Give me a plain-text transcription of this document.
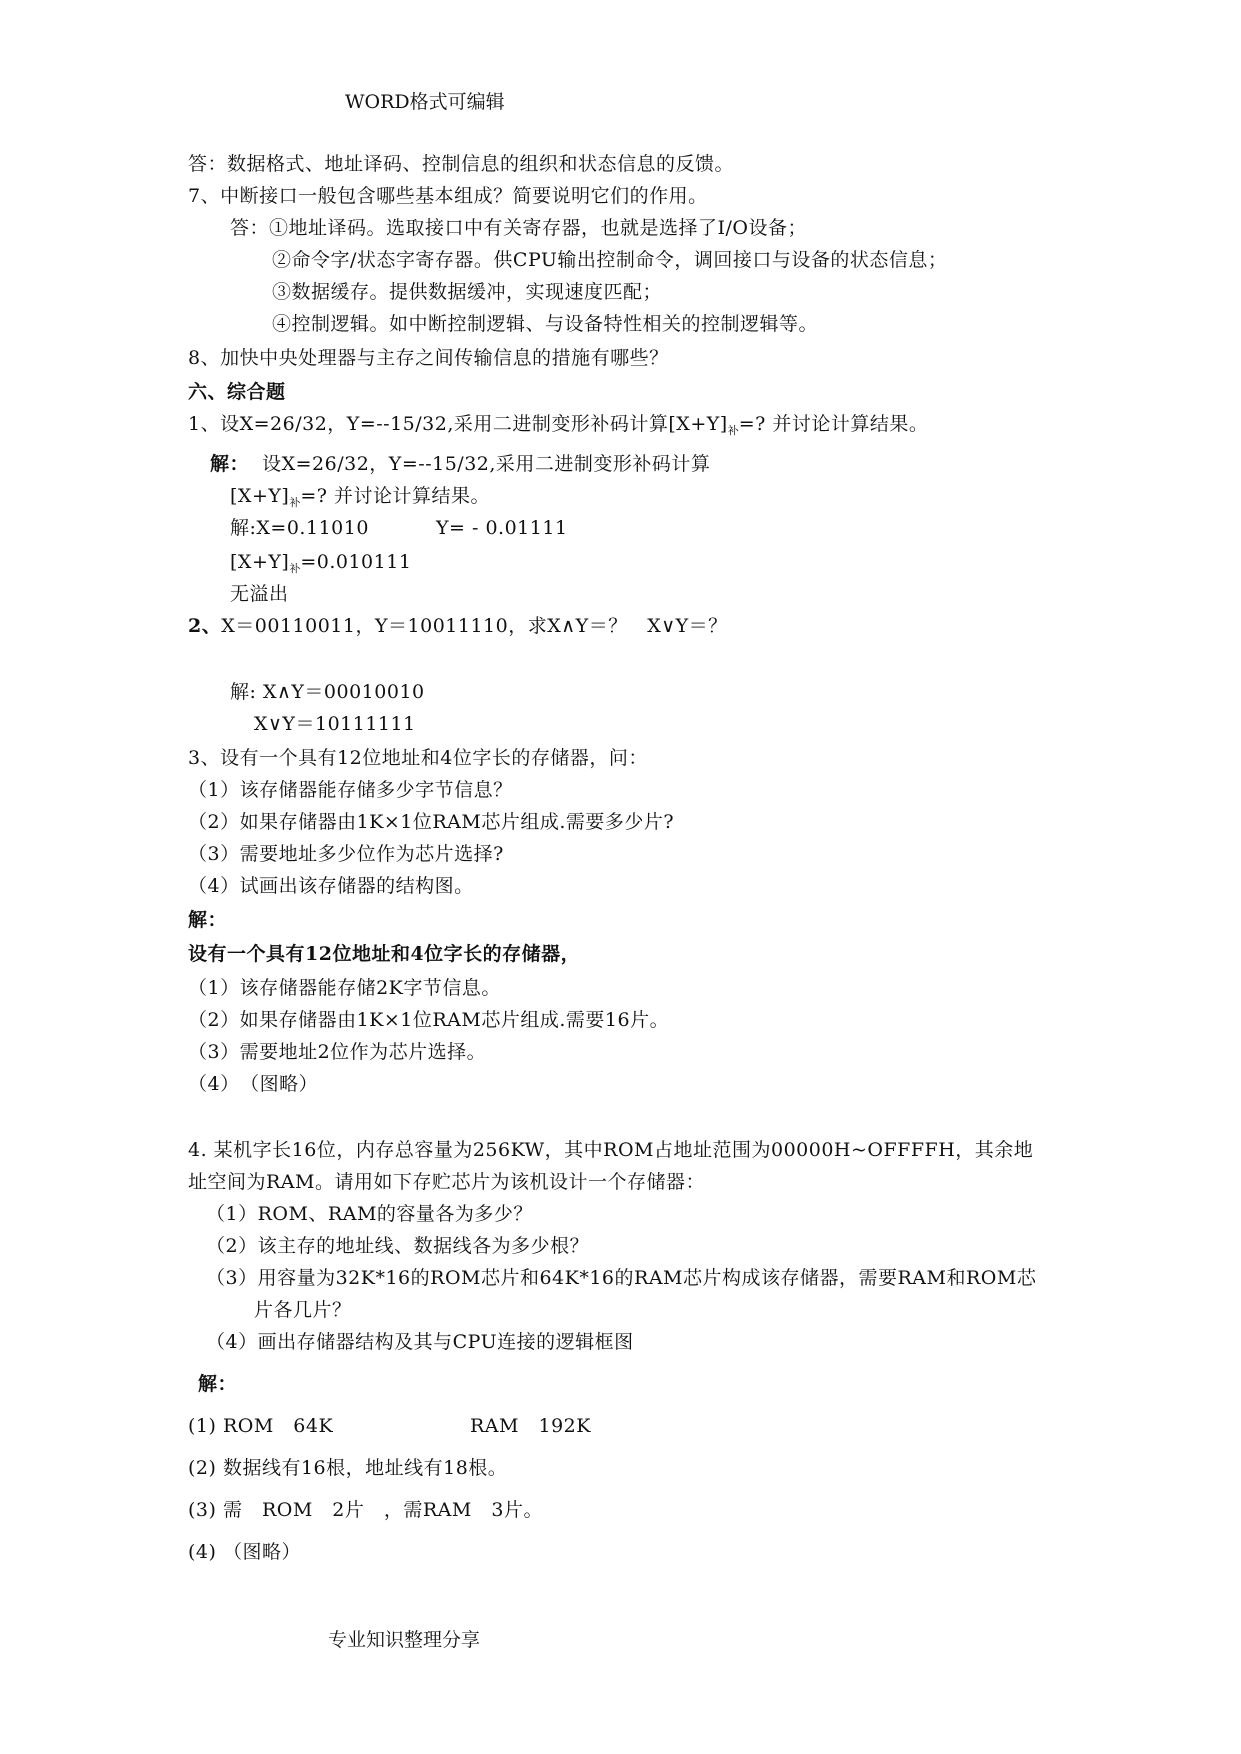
WORD格式可编辑
答：数据格式、地址译码、控制信息的组织和状态信息的反馈。
7、中断接口一般包含哪些基本组成？简要说明它们的作用。
答：①地址译码。选取接口中有关寄存器，也就是选择了I/O设备；
②命令字/状态字寄存器。供CPU输出控制命令，调回接口与设备的状态信息；
③数据缓存。提供数据缓冲，实现速度匹配；
④控制逻辑。如中断控制逻辑、与设备特性相关的控制逻辑等。
8、加快中央处理器与主存之间传输信息的措施有哪些？
六、综合题
1、设X=26/32，Y=--15/32,采用二进制变形补码计算$[X+Y]_补=$? 并讨论计算结果。
解： 设X=26/32，Y=--15/32,采用二进制变形补码计算
$[X+Y]_补=$? 并讨论计算结果。
解:X=0.11010	Y= - 0.01111
$[X+Y]_补=0.010111$
无溢出
2、X＝00110011，Y＝10011110，求X∧Y＝？　X∨Y＝？
解: X∧Y＝00010010
X∨Y＝10111111
3、设有一个具有12位地址和4位字长的存储器，问：
（1）该存储器能存储多少字节信息？
（2）如果存储器由1K×1位RAM芯片组成.需要多少片?
（3）需要地址多少位作为芯片选择?
（4）试画出该存储器的结构图。
解：
设有一个具有12位地址和4位字长的存储器，
（1）该存储器能存储2K字节信息。
（2）如果存储器由1K×1位RAM芯片组成.需要16片。
（3）需要地址2位作为芯片选择。
（4）　（图略）
4. 某机字长16位，内存总容量为256KW，其中ROM占地址范围为00000H~OFFFFH，其余地
址空间为RAM。请用如下存贮芯片为该机设计一个存储器：
（1）ROM、RAM的容量各为多少？
（2）该主存的地址线、数据线各为多少根？
（3）用容量为32K*16的ROM芯片和64K*16的RAM芯片构成该存储器，需要RAM和ROM芯
片各几片？
（4）画出存储器结构及其与CPU连接的逻辑框图
解：
(1) ROM　64K	RAM　192K
(2) 数据线有16根，地址线有18根。
(3) 需　ROM　2片　，需RAM　3片。
(4) （图略）
专业知识整理分享
